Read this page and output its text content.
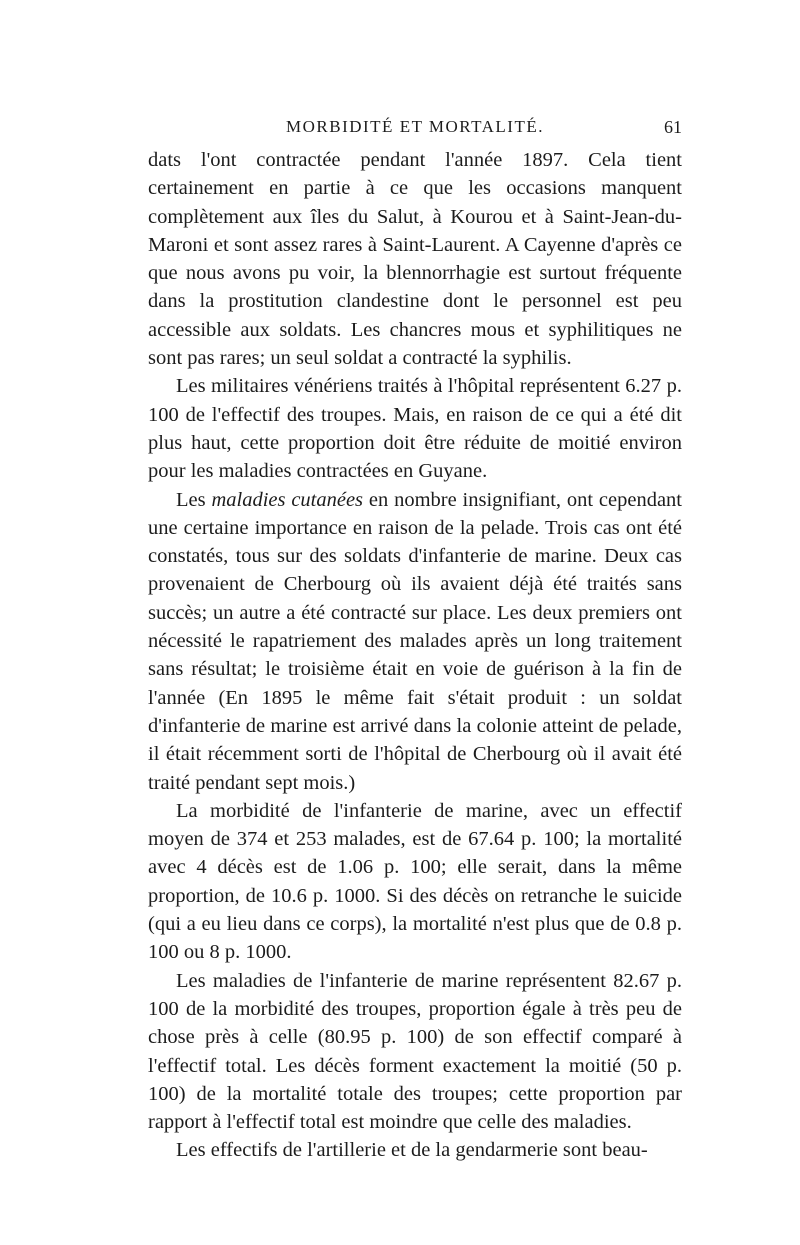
MORBIDITÉ ET MORTALITÉ.	61

dats l'ont contractée pendant l'année 1897. Cela tient certainement en partie à ce que les occasions manquent complètement aux îles du Salut, à Kourou et à Saint-Jean-du-Maroni et sont assez rares à Saint-Laurent. A Cayenne d'après ce que nous avons pu voir, la blennorrhagie est surtout fréquente dans la prostitution clandestine dont le personnel est peu accessible aux soldats. Les chancres mous et syphilitiques ne sont pas rares; un seul soldat a contracté la syphilis.

Les militaires vénériens traités à l'hôpital représentent 6.27 p. 100 de l'effectif des troupes. Mais, en raison de ce qui a été dit plus haut, cette proportion doit être réduite de moitié environ pour les maladies contractées en Guyane.

Les maladies cutanées en nombre insignifiant, ont cependant une certaine importance en raison de la pelade. Trois cas ont été constatés, tous sur des soldats d'infanterie de marine. Deux cas provenaient de Cherbourg où ils avaient déjà été traités sans succès; un autre a été contracté sur place. Les deux premiers ont nécessité le rapatriement des malades après un long traitement sans résultat; le troisième était en voie de guérison à la fin de l'année (En 1895 le même fait s'était produit : un soldat d'infanterie de marine est arrivé dans la colonie atteint de pelade, il était récemment sorti de l'hôpital de Cherbourg où il avait été traité pendant sept mois.)

La morbidité de l'infanterie de marine, avec un effectif moyen de 374 et 253 malades, est de 67.64 p. 100; la mortalité avec 4 décès est de 1.06 p. 100; elle serait, dans la même proportion, de 10.6 p. 1000. Si des décès on retranche le suicide (qui a eu lieu dans ce corps), la mortalité n'est plus que de 0.8 p. 100 ou 8 p. 1000.

Les maladies de l'infanterie de marine représentent 82.67 p. 100 de la morbidité des troupes, proportion égale à très peu de chose près à celle (80.95 p. 100) de son effectif comparé à l'effectif total. Les décès forment exactement la moitié (50 p. 100) de la mortalité totale des troupes; cette proportion par rapport à l'effectif total est moindre que celle des maladies.

Les effectifs de l'artillerie et de la gendarmerie sont beau-
